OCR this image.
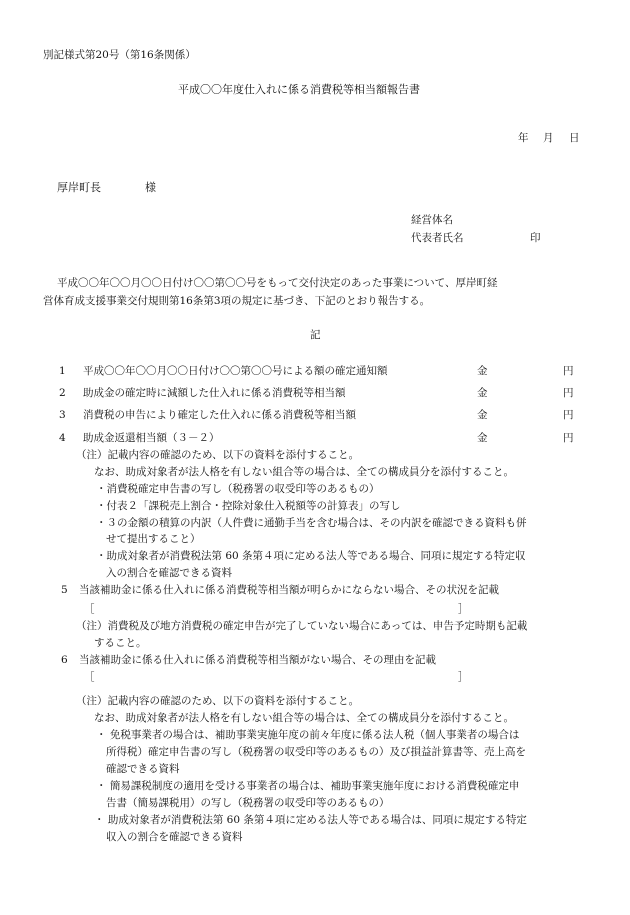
別記様式第20号（第16条関係）
平成〇〇年度仕入れに係る消費税等相当額報告書
年 月 日
厚岸町長	様
経営体名
代表者氏名	印
平成〇〇年〇〇月〇〇日付け〇〇第〇〇号をもって交付決定のあった事業について、厚岸町経
営体育成支援事業交付規則第16条第3項の規定に基づき、下記のとおり報告する。
記
1 平成〇〇年〇〇月〇〇日付け〇〇第〇〇号による額の確定通知額	金	円
2 助成金の確定時に減額した仕入れに係る消費税等相当額	金	円
3 消費税の申告により確定した仕入れに係る消費税等相当額	金	円
4 助成金返還相当額（３－２）	金	円
（注）記載内容の確認のため、以下の資料を添付すること。
なお、助成対象者が法人格を有しない組合等の場合は、全ての構成員分を添付すること。
・消費税確定申告書の写し（税務署の収受印等のあるもの）
・付表２「課税売上割合・控除対象仕入税額等の計算表」の写し
・３の金額の積算の内訳（人件費に通勤手当を含む場合は、その内訳を確認できる資料も併
せて提出すること）
・助成対象者が消費税法第 60 条第４項に定める法人等である場合、同項に規定する特定収
入の割合を確認できる資料
5 当該補助金に係る仕入れに係る消費税等相当額が明らかにならない場合、その状況を記載
［	］
（注）消費税及び地方消費税の確定申告が完了していない場合にあっては、申告予定時期も記載
すること。
6 当該補助金に係る仕入れに係る消費税等相当額がない場合、その理由を記載
［	］
（注）記載内容の確認のため、以下の資料を添付すること。
なお、助成対象者が法人格を有しない組合等の場合は、全ての構成員分を添付すること。
・ 免税事業者の場合は、補助事業実施年度の前々年度に係る法人税（個人事業者の場合は
所得税）確定申告書の写し（税務署の収受印等のあるもの）及び損益計算書等、売上高を
確認できる資料
・ 簡易課税制度の適用を受ける事業者の場合は、補助事業実施年度における消費税確定申
告書（簡易課税用）の写し（税務署の収受印等のあるもの）
・ 助成対象者が消費税法第 60 条第４項に定める法人等である場合は、同項に規定する特定
収入の割合を確認できる資料
